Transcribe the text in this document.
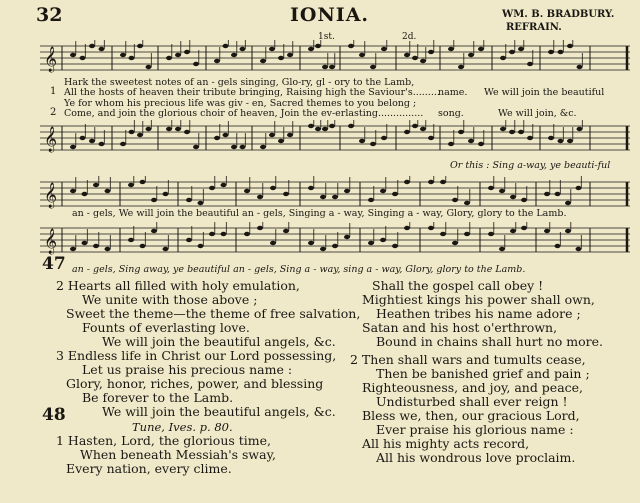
32	IONIA.	WM. B. BRADBURY.
REFRAIN.
𝄞
𝄞
1st.	2d.
1
2
Hark the sweetest notes of an - gels singing, Glo-ry, gl - ory to the Lamb,
All the hosts of heaven their tribute bringing, Raising high the Saviour's.........
Ye for whom his precious life was giv - en, Sacred themes to you belong ;
Come, and join the glorious choir of heaven, Join the ev-erlasting...............
name.
song.
We will join the beautiful
We will join, &c.
Or this : Sing a-way, ye beauti-ful
𝄞
an - gels, We will join the beautiful an - gels, Singing a - way, Singing a - way, Glory, glory to the Lamb.
𝄞
47 an - gels, Sing away, ye beautiful an - gels, Sing a - way, sing a - way, Glory, glory to the Lamb.
2 Hearts all filled with holy emulation,
We unite with those above ;
Sweet the theme—the theme of free salvation,
Founts of everlasting love.
We will join the beautiful angels, &c.
3 Endless life in Christ our Lord possessing,
Let us praise his precious name :
Glory, honor, riches, power, and blessing
Be forever to the Lamb.
We will join the beautiful angels, &c.
48
Tune, Ives. p. 80.
1 Hasten, Lord, the glorious time,
When beneath Messiah's sway,
Every nation, every clime.
Shall the gospel call obey !
Mightiest kings his power shall own,
Heathen tribes his name adore ;
Satan and his host o'erthrown,
Bound in chains shall hurt no more.
2 Then shall wars and tumults cease,
Then be banished grief and pain ;
Righteousness, and joy, and peace,
Undisturbed shall ever reign !
Bless we, then, our gracious Lord,
Ever praise his glorious name :
All his mighty acts record,
All his wondrous love proclaim.
